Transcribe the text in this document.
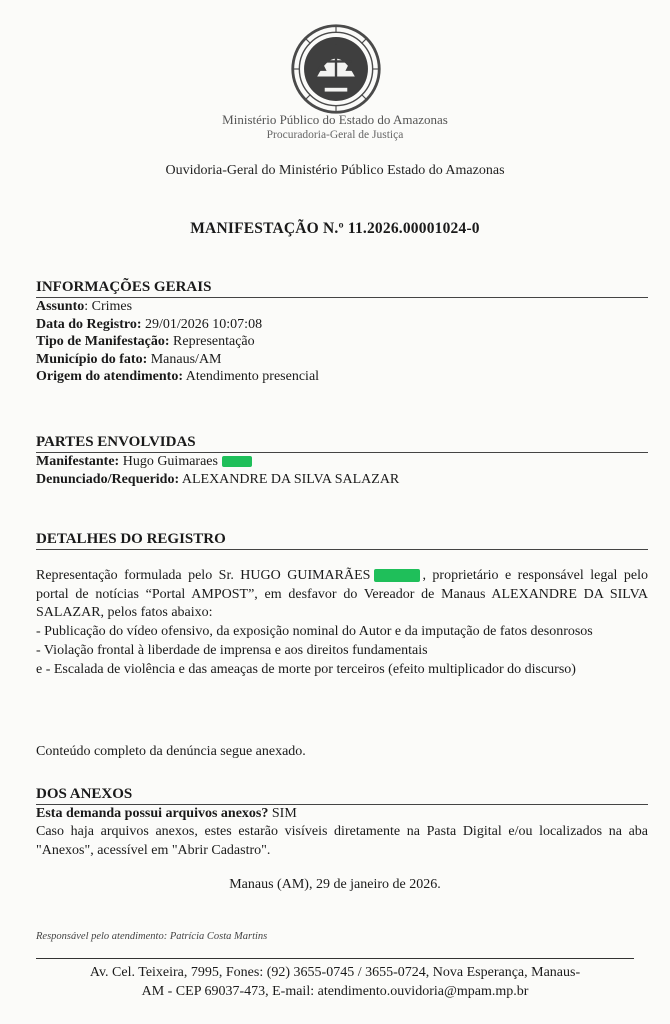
Ministério Público do Estado do Amazonas
Procuradoria-Geral de Justiça
Ouvidoria-Geral do Ministério Público Estado do Amazonas
MANIFESTAÇÃO N.º 11.2026.00001024-0
INFORMAÇÕES GERAIS
Assunto: Crimes
Data do Registro: 29/01/2026 10:07:08
Tipo de Manifestação: Representação
Município do fato: Manaus/AM
Origem do atendimento: Atendimento presencial
PARTES ENVOLVIDAS
Manifestante: Hugo Guimaraes
Denunciado/Requerido: ALEXANDRE DA SILVA SALAZAR
DETALHES DO REGISTRO

Representação formulada pelo Sr. HUGO GUIMARÃES	, proprietário e responsável legal pelo portal de notícias “Portal AMPOST”, em desfavor do Vereador de Manaus ALEXANDRE DA SILVA SALAZAR, pelos fatos abaixo:

- Publicação do vídeo ofensivo, da exposição nominal do Autor e da imputação de fatos desonrosos

- Violação frontal à liberdade de imprensa e aos direitos fundamentais

e - Escalada de violência e das ameaças de morte por terceiros (efeito multiplicador do discurso)

Conteúdo completo da denúncia segue anexado.

DOS ANEXOS
Esta demanda possui arquivos anexos? SIM

Caso haja arquivos anexos, estes estarão visíveis diretamente na Pasta Digital e/ou localizados na aba "Anexos", acessível em "Abrir Cadastro".

Manaus (AM), 29 de janeiro de 2026.
Responsável pelo atendimento: Patrícia Costa Martins
Av. Cel. Teixeira, 7995, Fones: (92) 3655-0745 / 3655-0724, Nova Esperança, Manaus-
AM - CEP 69037-473, E-mail: atendimento.ouvidoria@mpam.mp.br
